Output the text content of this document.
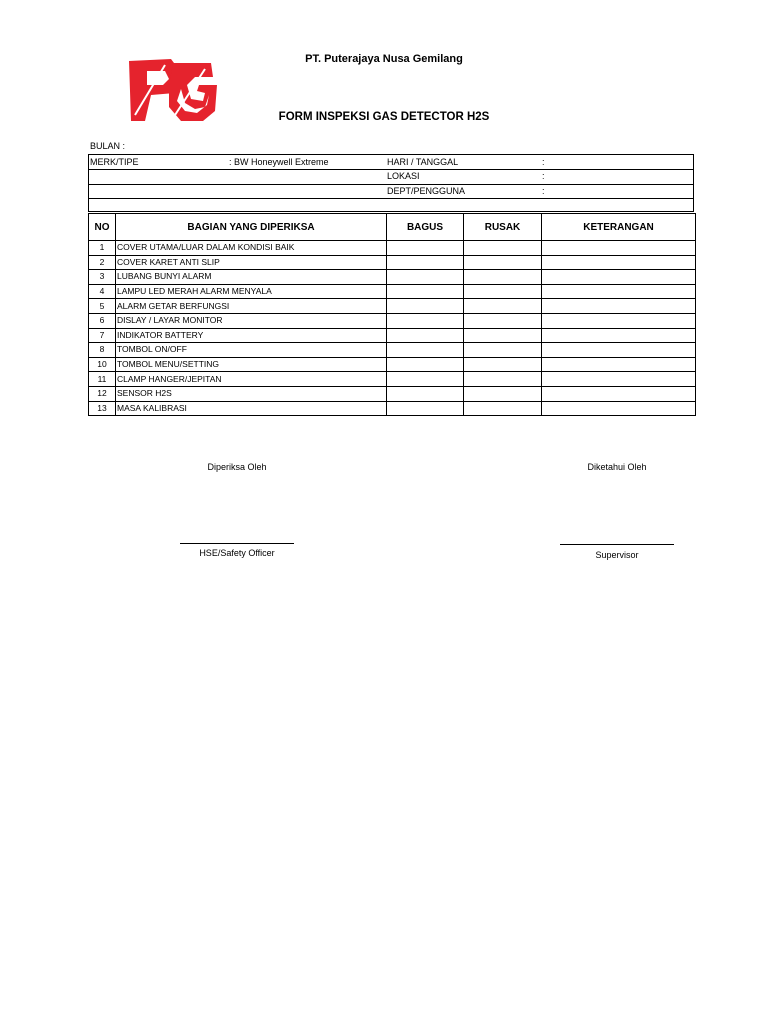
PT. Puterajaya Nusa Gemilang
FORM INSPEKSI GAS DETECTOR H2S
BULAN :
MERK/TIPE	: BW Honeywell Extreme	HARI / TANGGAL	:
LOKASI	:
DEPT/PENGGUNA	:
NO	BAGIAN YANG DIPERIKSA	BAGUS	RUSAK	KETERANGAN
1	COVER UTAMA/LUAR DALAM KONDISI BAIK			
2	COVER KARET ANTI SLIP			
3	LUBANG BUNYI ALARM			
4	LAMPU LED MERAH ALARM MENYALA			
5	ALARM GETAR BERFUNGSI			
6	DISLAY / LAYAR MONITOR			
7	INDIKATOR BATTERY			
8	TOMBOL ON/OFF			
10	TOMBOL MENU/SETTING			
11	CLAMP HANGER/JEPITAN			
12	SENSOR H2S			
13	MASA KALIBRASI			
Diperiksa Oleh
HSE/Safety Officer
Diketahui Oleh
Supervisor
